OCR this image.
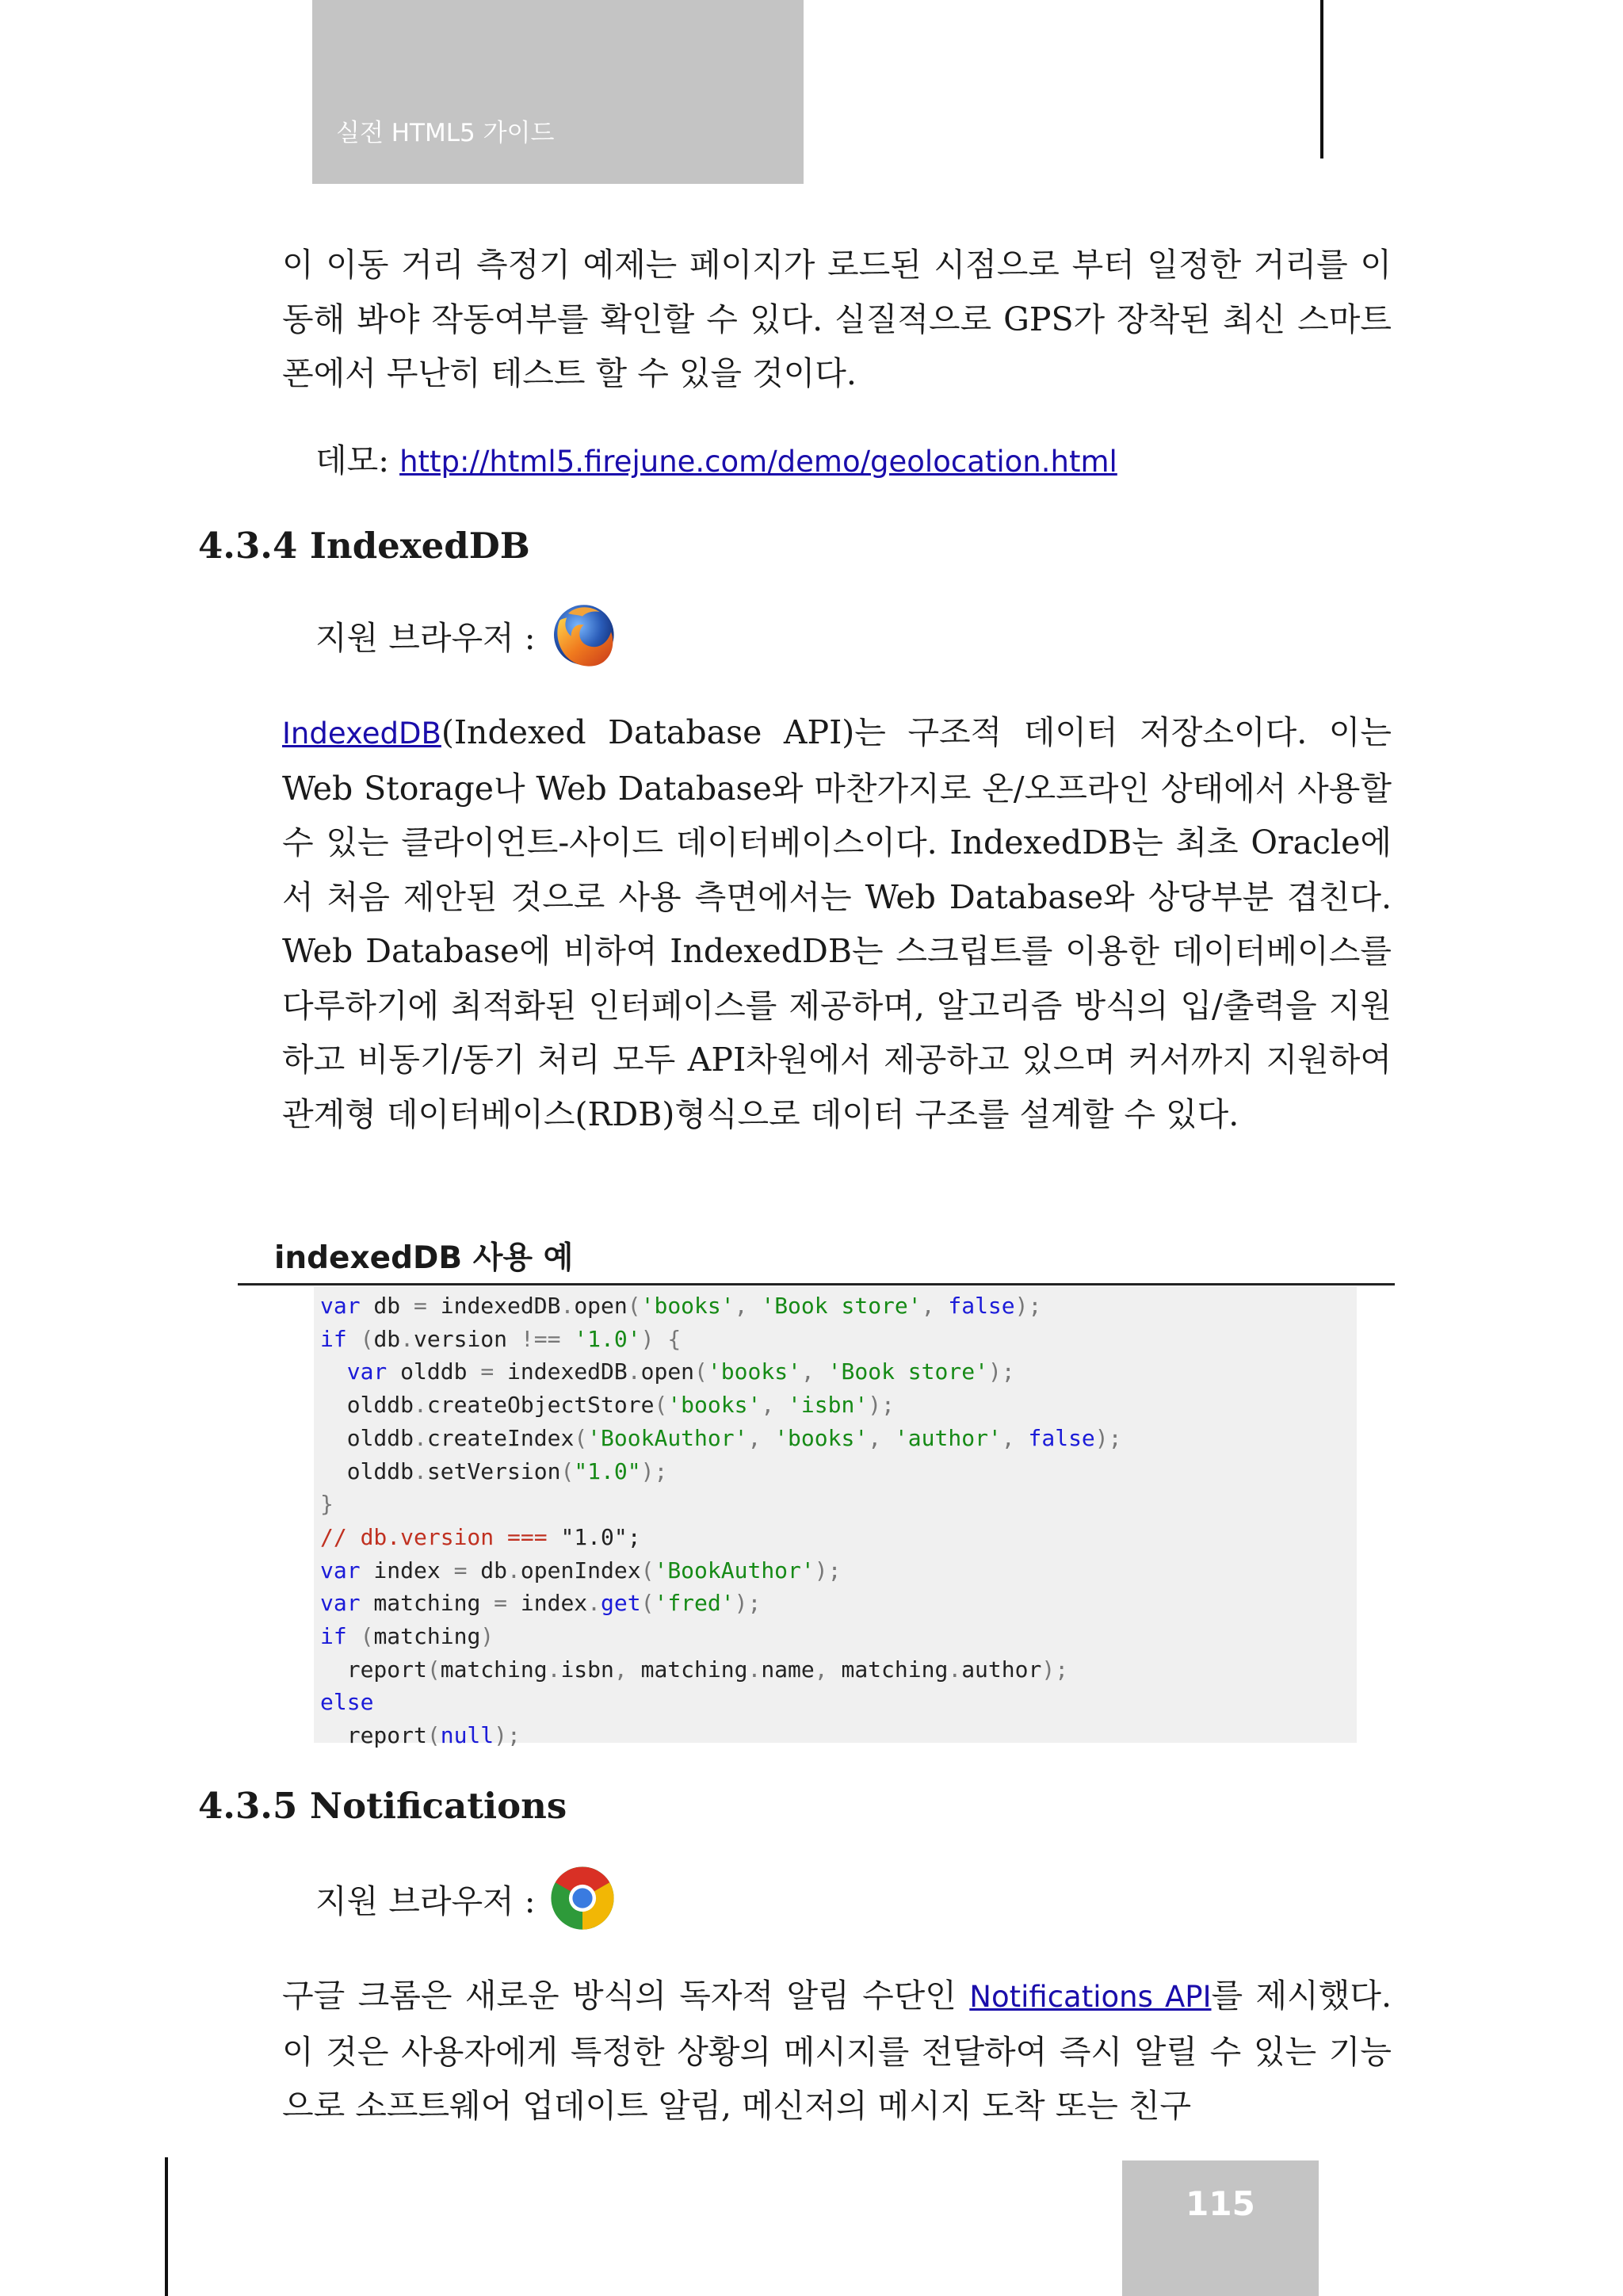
실전 HTML5 가이드

이 이동 거리 측정기 예제는 페이지가 로드된 시점으로 부터 일정한 거리를 이동해 봐야 작동여부를 확인할 수 있다. 실질적으로 GPS가 장착된 최신 스마트폰에서 무난히 테스트 할 수 있을 것이다.

데모: http://html5.firejune.com/demo/geolocation.html
4.3.4 IndexedDB
지원 브라우저 :

IndexedDB(Indexed Database API)는 구조적 데이터 저장소이다. 이는 Web Storage나 Web Database와 마찬가지로 온/오프라인 상태에서 사용할 수 있는 클라이언트-사이드 데이터베이스이다. IndexedDB는 최초 Oracle에서 처음 제안된 것으로 사용 측면에서는 Web Database와 상당부분 겹친다. Web Database에 비하여 IndexedDB는 스크립트를 이용한 데이터베이스를 다루하기에 최적화된 인터페이스를 제공하며, 알고리즘 방식의 입/출력을 지원하고 비동기/동기 처리 모두 API차원에서 제공하고 있으며 커서까지 지원하여 관계형 데이터베이스(RDB)형식으로 데이터 구조를 설계할 수 있다.

indexedDB 사용 예
var db = indexedDB.open('books', 'Book store', false);
if (db.version !== '1.0') {
var olddb = indexedDB.open('books', 'Book store');
olddb.createObjectStore('books', 'isbn');
olddb.createIndex('BookAuthor', 'books', 'author', false);
olddb.setVersion("1.0");
}
// db.version === "1.0";
var index = db.openIndex('BookAuthor');
var matching = index.get('fred');
if (matching)
report(matching.isbn, matching.name, matching.author);
else
report(null);
4.3.5 Notifications
지원 브라우저 :

구글 크롬은 새로운 방식의 독자적 알림 수단인 Notifications API를 제시했다. 이 것은 사용자에게 특정한 상황의 메시지를 전달하여 즉시 알릴 수 있는 기능으로 소프트웨어 업데이트 알림, 메신저의 메시지 도착 또는 친구

115
